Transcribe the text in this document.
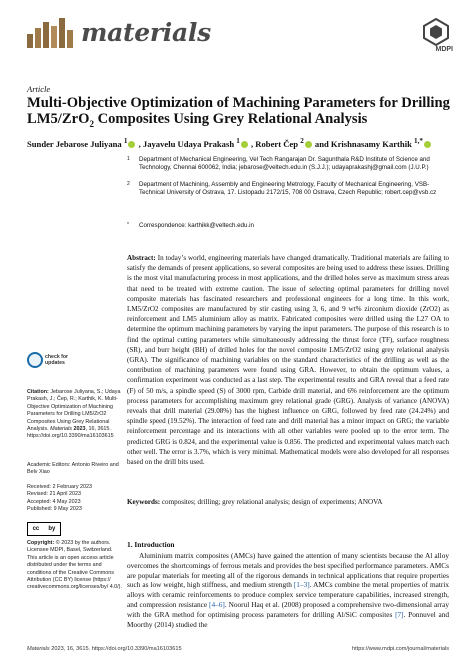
materials
MDPI
Article
Multi-Objective Optimization of Machining Parameters for Drilling LM5/ZrO$_2$ Composites Using Grey Relational Analysis
Sunder Jebarose Juliyana $^1$ , Jayavelu Udaya Prakash $^1$ , Robert Čep $^2$ and Krishnasamy Karthik $^{1,*}$
1	Department of Mechanical Engineering, Vel Tech Rangarajan Dr. Sagunthala R&D Institute of Science and Technology, Chennai 600062, India; jebarose@veltech.edu.in (S.J.J.); udayaprakashj@gmail.com (J.U.P.)
2	Department of Machining, Assembly and Engineering Metrology, Faculty of Mechanical Engineering, VSB-Technical University of Ostrava, 17. Listopadu 2172/15, 708 00 Ostrava, Czech Republic; robert.cep@vsb.cz
*	Correspondence: karthikk@veltech.edu.in
check for updates
Citation: Jebarose Juliyana, S.; Udaya Prakash, J.; Čep, R.; Karthik, K. Multi-Objective Optimization of Machining Parameters for Drilling LM5/ZrO2 Composites Using Grey Relational Analysis. Materials 2023, 16, 3615. https://doi.org/10.3390/ma16103615
Academic Editors: Antonio Riveiro and Belv Xiao
Received: 2 February 2023
Revised: 21 April 2023
Accepted: 4 May 2023
Published: 9 May 2023
cc by
Copyright: © 2023 by the authors. Licensee MDPI, Basel, Switzerland. This article is an open access article distributed under the terms and conditions of the Creative Commons Attribution (CC BY) license (https:// creativecommons.org/licenses/by/ 4.0/).
Abstract: In today’s world, engineering materials have changed dramatically. Traditional materials are failing to satisfy the demands of present applications, so several composites are being used to address these issues. Drilling is the most vital manufacturing process in most applications, and the drilled holes serve as maximum stress areas that need to be treated with extreme caution. The issue of selecting optimal parameters for drilling novel composite materials has fascinated researchers and professional engineers for a long time. In this work, LM5/ZrO2 composites are manufactured by stir casting using 3, 6, and 9 wt% zirconium dioxide (ZrO2) as reinforcement and LM5 aluminium alloy as matrix. Fabricated composites were drilled using the L27 OA to determine the optimum machining parameters by varying the input parameters. The purpose of this research is to find the optimal cutting parameters while simultaneously addressing the thrust force (TF), surface roughness (SR), and burr height (BH) of drilled holes for the novel composite LM5/ZrO2 using grey relational analysis (GRA). The significance of machining variables on the standard characteristics of the drilling as well as the contribution of machining parameters were found using GRA. However, to obtain the optimum values, a confirmation experiment was conducted as a last step. The experimental results and GRA reveal that a feed rate (F) of 50 m/s, a spindle speed (S) of 3000 rpm, Carbide drill material, and 6% reinforcement are the optimum process parameters for accomplishing maximum grey relational grade (GRG). Analysis of variance (ANOVA) reveals that drill material (29.08%) has the highest influence on GRG, followed by feed rate (24.24%) and spindle speed (19.52%). The interaction of feed rate and drill material has a minor impact on GRG; the variable reinforcement percentage and its interactions with all other variables were pooled up to the error term. The predicted GRG is 0.824, and the experimental value is 0.856. The predicted and experimental values match each other well. The error is 3.7%, which is very minimal. Mathematical models were also developed for all responses based on the drill bits used.
Keywords: composites; drilling; grey relational analysis; design of experiments; ANOVA
1. Introduction
Aluminium matrix composites (AMCs) have gained the attention of many scientists because the Al alloy overcomes the shortcomings of ferrous metals and provides the best specified performance parameters. AMCs are popular materials for meeting all of the rigorous demands in technical applications that require properties such as low weight, high stiffness, and medium strength [1–3]. AMCs combine the metal properties of matrix alloys with ceramic reinforcements to produce complex service temperature capabilities, increased strength, and compression resistance [4–6]. Noorul Haq et al. (2008) proposed a comprehensive two-dimensional array with the GRA method for optimising process parameters for drilling Al/SiC composites [7]. Ponnuvel and Moorthy (2014) studied the
Materials 2023, 16, 3615. https://doi.org/10.3390/ma16103615	https://www.mdpi.com/journal/materials
